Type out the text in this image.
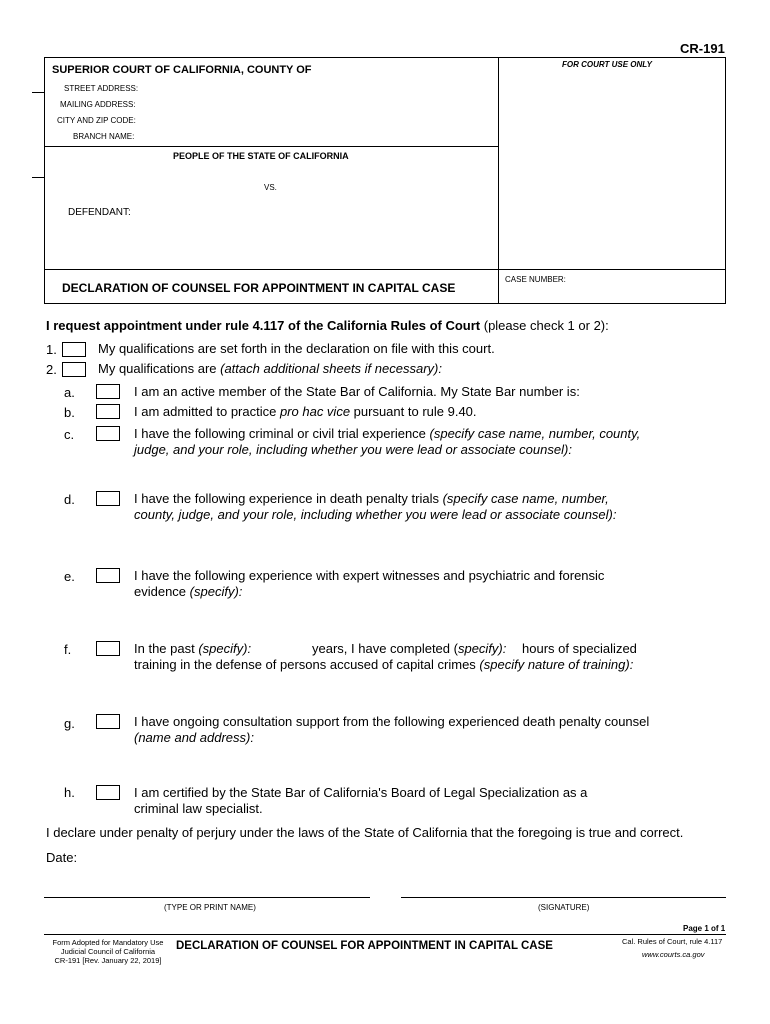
CR-191
SUPERIOR COURT OF CALIFORNIA, COUNTY OF	FOR COURT USE ONLY
STREET ADDRESS:
MAILING ADDRESS:
CITY AND ZIP CODE:
BRANCH NAME:
PEOPLE OF THE STATE OF CALIFORNIA
VS.
DEFENDANT:
DECLARATION OF COUNSEL FOR APPOINTMENT IN CAPITAL CASE
CASE NUMBER:
I request appointment under rule 4.117 of the California Rules of Court (please check 1 or 2):
1.	My qualifications are set forth in the declaration on file with this court.
2.	My qualifications are (attach additional sheets if necessary):
a.	I am an active member of the State Bar of California. My State Bar number is:
b.	I am admitted to practice pro hac vice pursuant to rule 9.40.
c.	I have the following criminal or civil trial experience (specify case name, number, county,
judge, and your role, including whether you were lead or associate counsel):
d.	I have the following experience in death penalty trials (specify case name, number,
county, judge, and your role, including whether you were lead or associate counsel):
e.	I have the following experience with expert witnesses and psychiatric and forensic
evidence (specify):
f.	In the past (specify):	years, I have completed (specify): hours of specialized
training in the defense of persons accused of capital crimes (specify nature of training):
g.	I have ongoing consultation support from the following experienced death penalty counsel
(name and address):
h.	I am certified by the State Bar of California's Board of Legal Specialization as a
criminal law specialist.
I declare under penalty of perjury under the laws of the State of California that the foregoing is true and correct.
Date:
(TYPE OR PRINT NAME)	(SIGNATURE)
Page 1 of 1
Form Adopted for Mandatory Use
Judicial Council of California
CR-191 [Rev. January 22, 2019]
DECLARATION OF COUNSEL FOR APPOINTMENT IN CAPITAL CASE	Cal. Rules of Court, rule 4.117
www.courts.ca.gov
